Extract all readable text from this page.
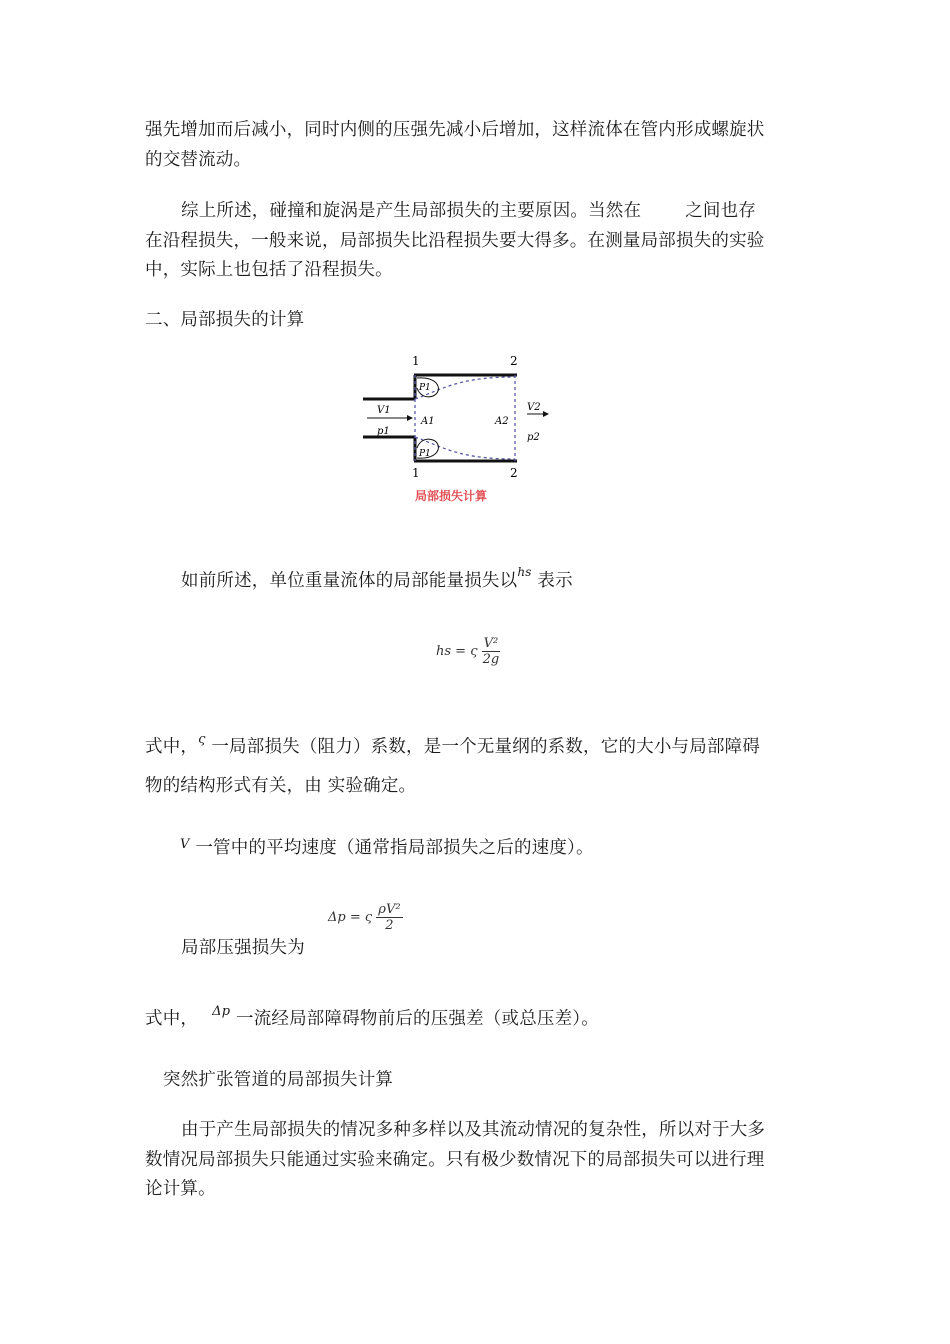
强先增加而后减小，同时内侧的压强先减小后增加，这样流体在管内形成螺旋状
的交替流动。
综上所述，碰撞和旋涡是产生局部损失的主要原因。当然在	之间也存
在沿程损失，一般来说，局部损失比沿程损失要大得多。在测量局部损失的实验
中，实际上也包括了沿程损失。
二、局部损失的计算
1	2
1	2
V1
p1
A1	A2
V2
p2
P1
P1
局部损失计算
如前所述，单位重量流体的局部能量损失以$^{hs}$ 表示
hs = ς $\frac{\text{V²}}{2g}$
式中，$^\varsigma$ 一局部损失（阻力）系数，是一个无量纲的系数，它的大小与局部障碍
物的结构形式有关，由 实验确定。
$^V$ 一管中的平均速度（通常指局部损失之后的速度）。
Δp = ς $\frac{\text{ρV²}}{2}$
局部压强损失为
式中， $^{\Delta p}$ 一流经局部障碍物前后的压强差（或总压差）。
突然扩张管道的局部损失计算
由于产生局部损失的情况多种多样以及其流动情况的复杂性，所以对于大多
数情况局部损失只能通过实验来确定。只有极少数情况下的局部损失可以进行理
论计算。
